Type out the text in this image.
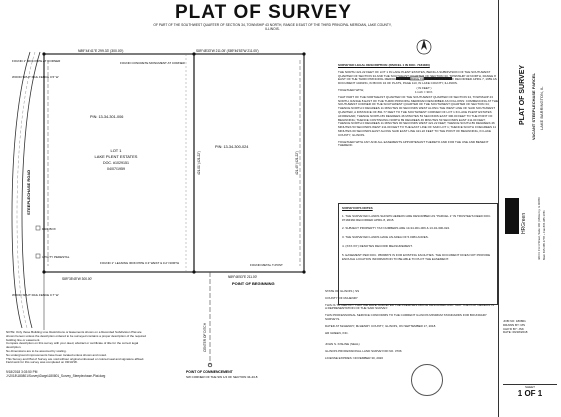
PLAT OF SURVEY
OF PART OF THE SOUTHWEST QUARTER OF SECTION 34, TOWNSHIP 43 NORTH, RANGE 8 EAST OF THE THIRD PRINCIPAL MERIDIAN, LAKE COUNTY, ILLINOIS.

( IN FEET )
1 inch = 30 ft.
N89°44'41"E 299.33' (300.00')	S89°48'33"W 211.05' (S89°46'53"W 211.05')
S89°35'45"W 300.00'	N89°46'53"E 211.00'
PIN: 13-34-301-006
PIN: 13-34-300-024
LOT 1
LAKE PLENT ESTATES
DOC. #1029151
04/07/1959
POINT OF BEGINNING
POINT OF COMMENCEMENT
SW CORNER OF THE SW 1/4 OF SECTION 34-43-8
FOUND 1" IRON PIPE AT CORNER	FOUND CONCRETE MONUMENT AT CORNER
FOUND 1" LEANING IRON PIPE 0.3' WEST & 0.2' NORTH	FOUND METAL T-POST
WOOD SPLIT RAIL FENCE 0.5' W
WOOD SPLIT RAIL FENCE 0.7' W
RAIL BOX
UTILITY PEDESTAL
STEEPLECHASE ROAD
421.01' (421.22')	421.45' (421.22')
CENTER OF DITCH

SURVEYED LEGAL DESCRIPTION: (PARCEL 1 IN DOC. 7184360)

THE NORTH 421.22 FEET OF LOT 1 IN LAKE PLENT ESTATES, BEING A SUBDIVISION OF THE SOUTHWEST QUARTER OF SECTION 34 AND THE SOUTHEAST QUARTER OF SECTION 33, TOWNSHIP 43 NORTH, RANGE 8 EAST OF THE THIRD PRINCIPAL MERIDIAN, ACCORDING TO THE PLAT THEREOF RECORDED APRIL 7, 1959 AS DOCUMENT 1029151, IN BOOK 34 OF PLATS, PAGE 113, IN LAKE COUNTY, ILLINOIS.

TOGETHER WITH;

THAT PART OF THE NORTHEAST QUARTER OF THE SOUTHWEST QUARTER OF SECTION 34, TOWNSHIP 43 NORTH, RANGE 8 EAST OF THE THIRD PRINCIPAL MERIDIAN DESCRIBED AS FOLLOWS: COMMENCING AT THE SOUTHWEST CORNER OF THE SOUTHWEST QUARTER OF THE SOUTHWEST QUARTER OF SECTION 34; THENCE NORTH 0 DEGREES 11 MINUTES 00 SECONDS WEST ALONG THE WEST LINE OF SAID SOUTHWEST QUARTER, A DISTANCE OF 891.77 FEET TO THE SOUTHWEST CORNER OF LOT 1 IN LAKE PLENT ESTATES AFORESAID; THENCE NORTH 89 DEGREES 46 MINUTES 53 SECONDS EAST 300.00 FEET TO THE POINT OF BEGINNING; THENCE CONTINUING NORTH 89 DEGREES 46 MINUTES 53 SECONDS EAST 211.00 FEET; THENCE NORTH 0 DEGREES 11 MINUTES 00 SECONDS WEST 421.22 FEET; THENCE SOUTH 89 DEGREES 46 MINUTES 53 SECONDS WEST 211.00 FEET TO THE EAST LINE OF SAID LOT 1; THENCE SOUTH 0 DEGREES 11 MINUTES 00 SECONDS EAST ALONG SAID EAST LINE 421.22 FEET TO THE POINT OF BEGINNING, IN LAKE COUNTY, ILLINOIS.

TOGETHER WITH ANY AND ALL EASEMENTS APPURTENANT THERETO AND FOR THE USE AND BENEFIT THEREOF.

SURVEYOR'S NOTES
1. THE SURVEYED LANDS SHOWN HEREON ARE DESCRIBED AS "PARCEL 1" IN TRUSTEE'S DEED DOC. #7184360 RECORDED APRIL 8, 2015.
2. SUBJECT PROPERTY TAX NUMBERS ARE 13-34-301-006 & 13-34-300-024.
3. THE SURVEYED LANDS HAVE AN AREA OF 5.0384 ACRES.
4. (XXX.XX') DENOTES RECORD MEASUREMENT.
5. EASEMENT PER DOC. #5096873 IS FOR EXISTING FACILITIES. THE DOCUMENT DOES NOT PROVIDE ENOUGH LOCATION INFORMATION TO BE ABLE TO PLOT THE EASEMENT.

STATE OF ILLINOIS } SS

COUNTY OF McHENRY

THIS IS TO CERTIFY THAT WE HAVE SURVEYED THE PREMISES ABOVE DESCRIBED AND THAT THE PLAT HEREON IS A REPRESENTATION OF THE SAID SURVEY.

THIS PROFESSIONAL SERVICE CONFORMS TO THE CURRENT ILLINOIS MINIMUM STANDARDS FOR BOUNDARY SURVEYS.

DATED AT McHENRY, McHENRY COUNTY, ILLINOIS, ON SEPTEMBER 17, 2018.

HR GREEN, INC.

JOHN S. KISLINE (SEAL)

ILLINOIS PROFESSIONAL LAND SURVEYOR NO. 3706

LICENSE EXPIRES: NOVEMBER 30, 2020

NOTE: Only those Building Line Restrictions or Easements shown on a Recorded Subdivision Plat are shown hereon unless the description ordered to be surveyed contains a proper description of the required building line or easement.
Compare description on this survey with your deed, abstract or certificate of title for the correct legal description.
No dimensions are to be assumed by scaling.
No underground improvements have been located unless shown and noted.
This Survey and Plat of Survey are void without original embossed or colored seal and signature affixed.
Field work for this survey was completed on 09/13/18.
9/18/2018 3:03:50 PM
J:\2018\180801\Survey\Dwgs\180801_Survey_Steeplechase-Plat.dwg
PLAT OF SURVEY VACANT STEEPLECHASE PARCEL LAKE BARRINGTON, IL
HRGreen	420 N. Front Street, Suite 100 | McHenry, IL 60050 Main 815.385.1778 + Fax 815.385.1781
JOB NO: 180801
DRAWN BY: MS
CHK'D BY: JSK
DATE: 09/18/2018
SHEET
1 OF 1
